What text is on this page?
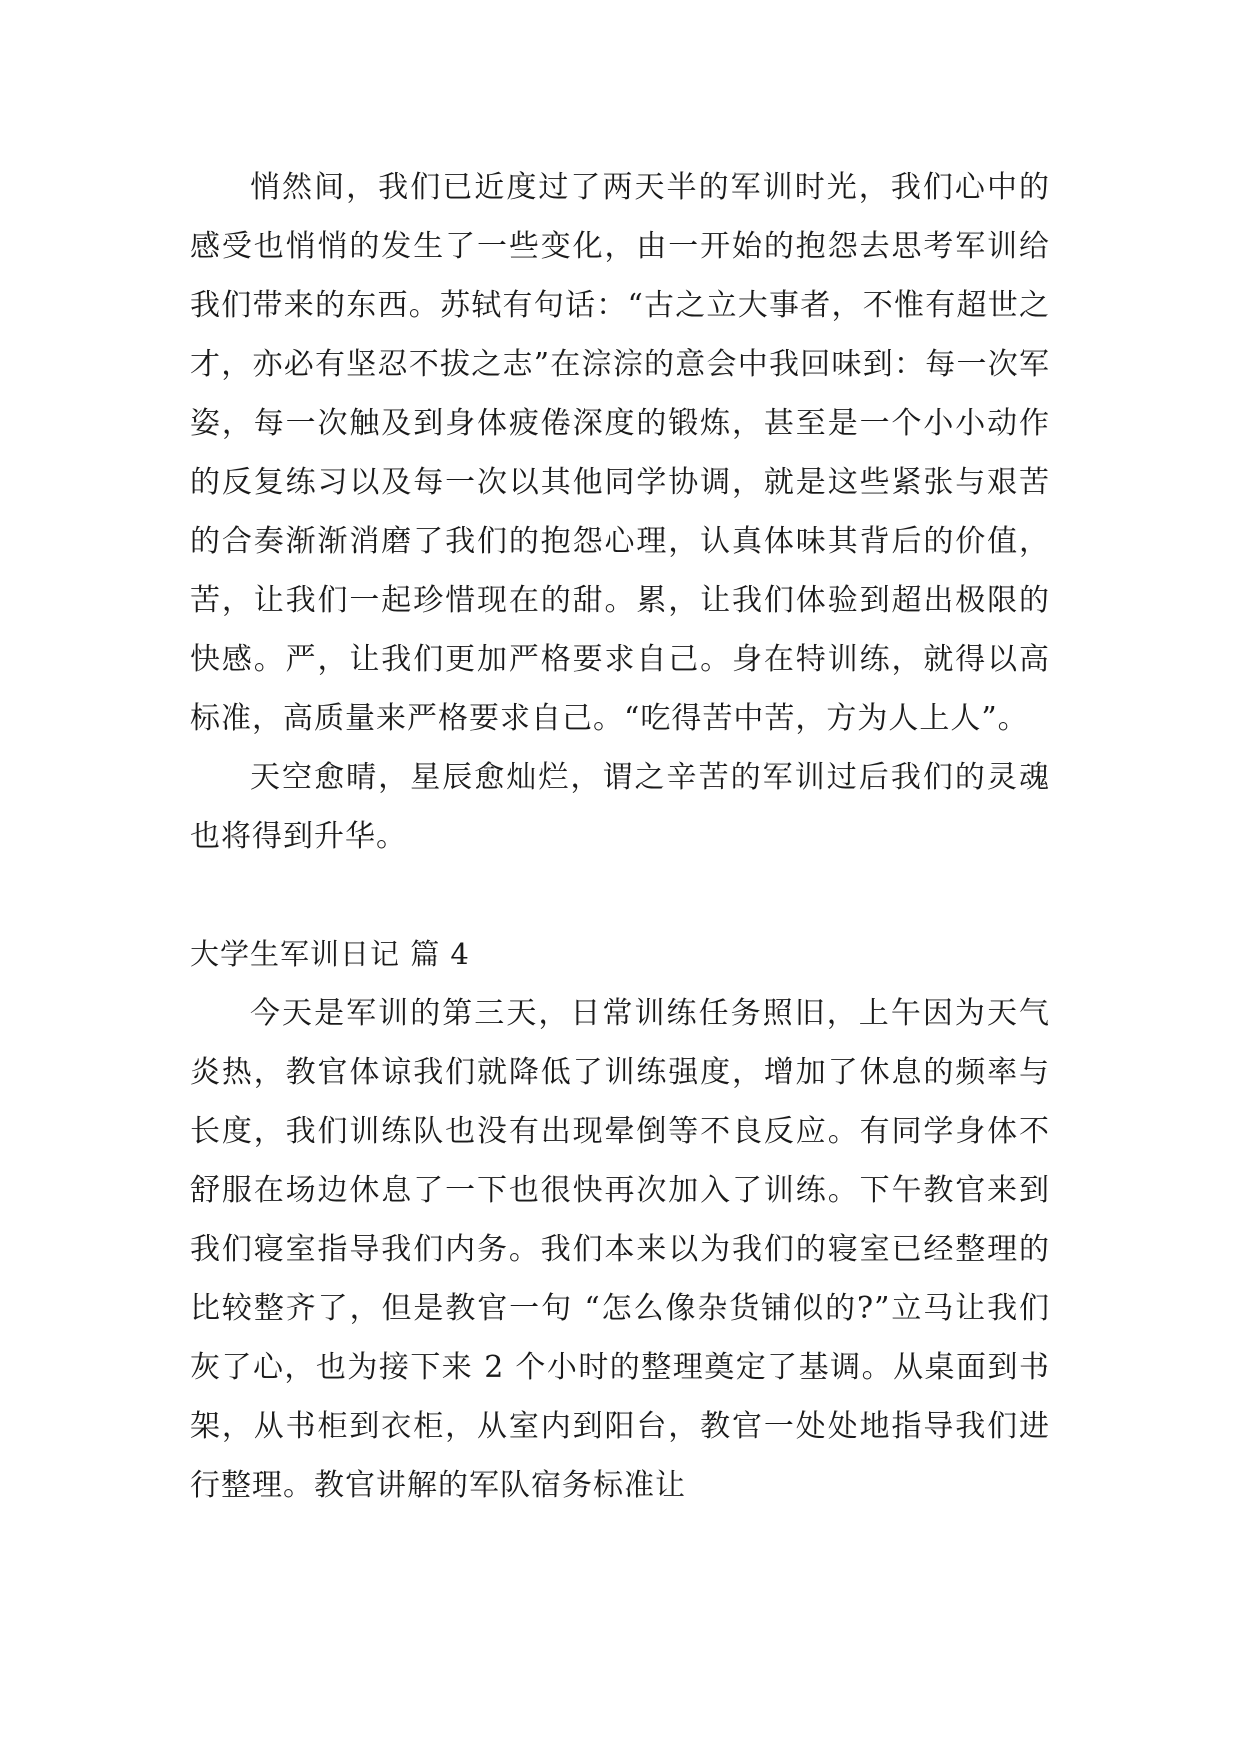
悄然间，我们已近度过了两天半的军训时光，我们心中的感受也悄悄的发生了一些变化，由一开始的抱怨去思考军训给我们带来的东西。苏轼有句话：“古之立大事者，不惟有超世之才，亦必有坚忍不拔之志”在淙淙的意会中我回味到：每一次军姿，每一次触及到身体疲倦深度的锻炼，甚至是一个小小动作的反复练习以及每一次以其他同学协调，就是这些紧张与艰苦的合奏渐渐消磨了我们的抱怨心理，认真体味其背后的价值，苦，让我们一起珍惜现在的甜。累，让我们体验到超出极限的快感。严，让我们更加严格要求自己。身在特训练，就得以高标准，高质量来严格要求自己。“吃得苦中苦，方为人上人”。

天空愈晴，星辰愈灿烂，谓之辛苦的军训过后我们的灵魂也将得到升华。

大学生军训日记 篇 4

今天是军训的第三天，日常训练任务照旧，上午因为天气炎热，教官体谅我们就降低了训练强度，增加了休息的频率与长度，我们训练队也没有出现晕倒等不良反应。有同学身体不舒服在场边休息了一下也很快再次加入了训练。下午教官来到我们寝室指导我们内务。我们本来以为我们的寝室已经整理的比较整齐了，但是教官一句 “怎么像杂货铺似的?”立马让我们灰了心，也为接下来 2 个小时的整理奠定了基调。从桌面到书架，从书柜到衣柜，从室内到阳台，教官一处处地指导我们进行整理。教官讲解的军队宿务标准让
